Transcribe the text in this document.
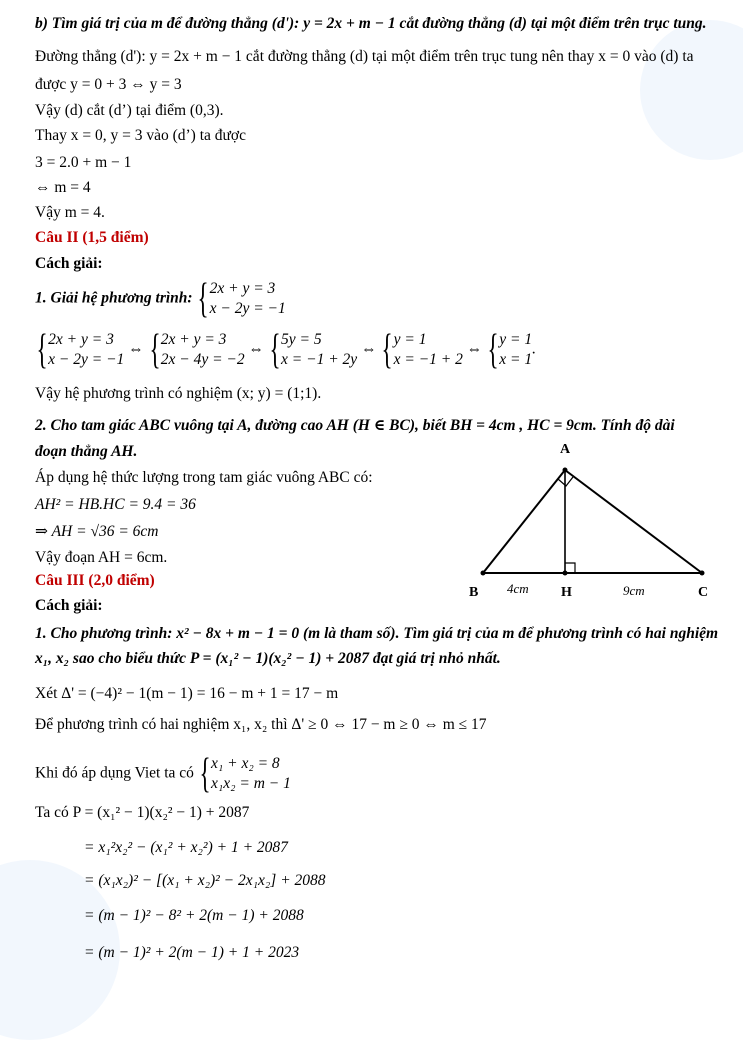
b) Tìm giá trị của m để đường thẳng (d'): y = 2x + m − 1 cắt đường thẳng (d) tại một điểm trên trục tung.
Đường thẳng (d'): y = 2x + m − 1 cắt đường thẳng (d) tại một điểm trên trục tung nên thay x = 0 vào (d) ta
được y = 0 + 3 ⇔ y = 3
Vậy (d) cắt (d’) tại điểm (0,3).
Thay x = 0, y = 3 vào (d’) ta được
3 = 2.0 + m − 1
⇔ m = 4
Vậy m = 4.
Câu II (1,5 điểm)
Cách giải:
1. Giải hệ phương trình: { 2x + y = 3
x − 2y = −1
{ 2x + y = 3
x − 2y = −1
⇔ { 2x + y = 3
2x − 4y = −2
⇔ { 5y = 5
x = −1 + 2y
⇔ { y = 1
x = −1 + 2
⇔ { y = 1
x = 1
.
Vậy hệ phương trình có nghiệm (x; y) = (1;1).
2. Cho tam giác ABC vuông tại A, đường cao AH (H ∈ BC), biết BH = 4cm , HC = 9cm. Tính độ dài
đoạn thẳng AH.
Áp dụng hệ thức lượng trong tam giác vuông ABC có:
AH² = HB.HC = 9.4 = 36
⇒ AH = √36 = 6cm
Vậy đoạn AH = 6cm.
A
B	H	C
4cm	9cm
Câu III (2,0 điểm)
Cách giải:
1. Cho phương trình: x² − 8x + m − 1 = 0 (m là tham số). Tìm giá trị của m để phương trình có hai nghiệm
x₁, x₂ sao cho biểu thức P = (x₁² − 1)(x₂² − 1) + 2087 đạt giá trị nhỏ nhất.
Xét Δ' = (−4)² − 1(m − 1) = 16 − m + 1 = 17 − m
Để phương trình có hai nghiệm x₁, x₂ thì Δ' ≥ 0 ⇔ 17 − m ≥ 0 ⇔ m ≤ 17
Khi đó áp dụng Viet ta có { x₁ + x₂ = 8
x₁x₂ = m − 1
Ta có P = (x₁² − 1)(x₂² − 1) + 2087
= x₁²x₂² − (x₁² + x₂²) + 1 + 2087
= (x₁x₂)² − [(x₁ + x₂)² − 2x₁x₂] + 2088
= (m − 1)² − 8² + 2(m − 1) + 2088
= (m − 1)² + 2(m − 1) + 1 + 2023
